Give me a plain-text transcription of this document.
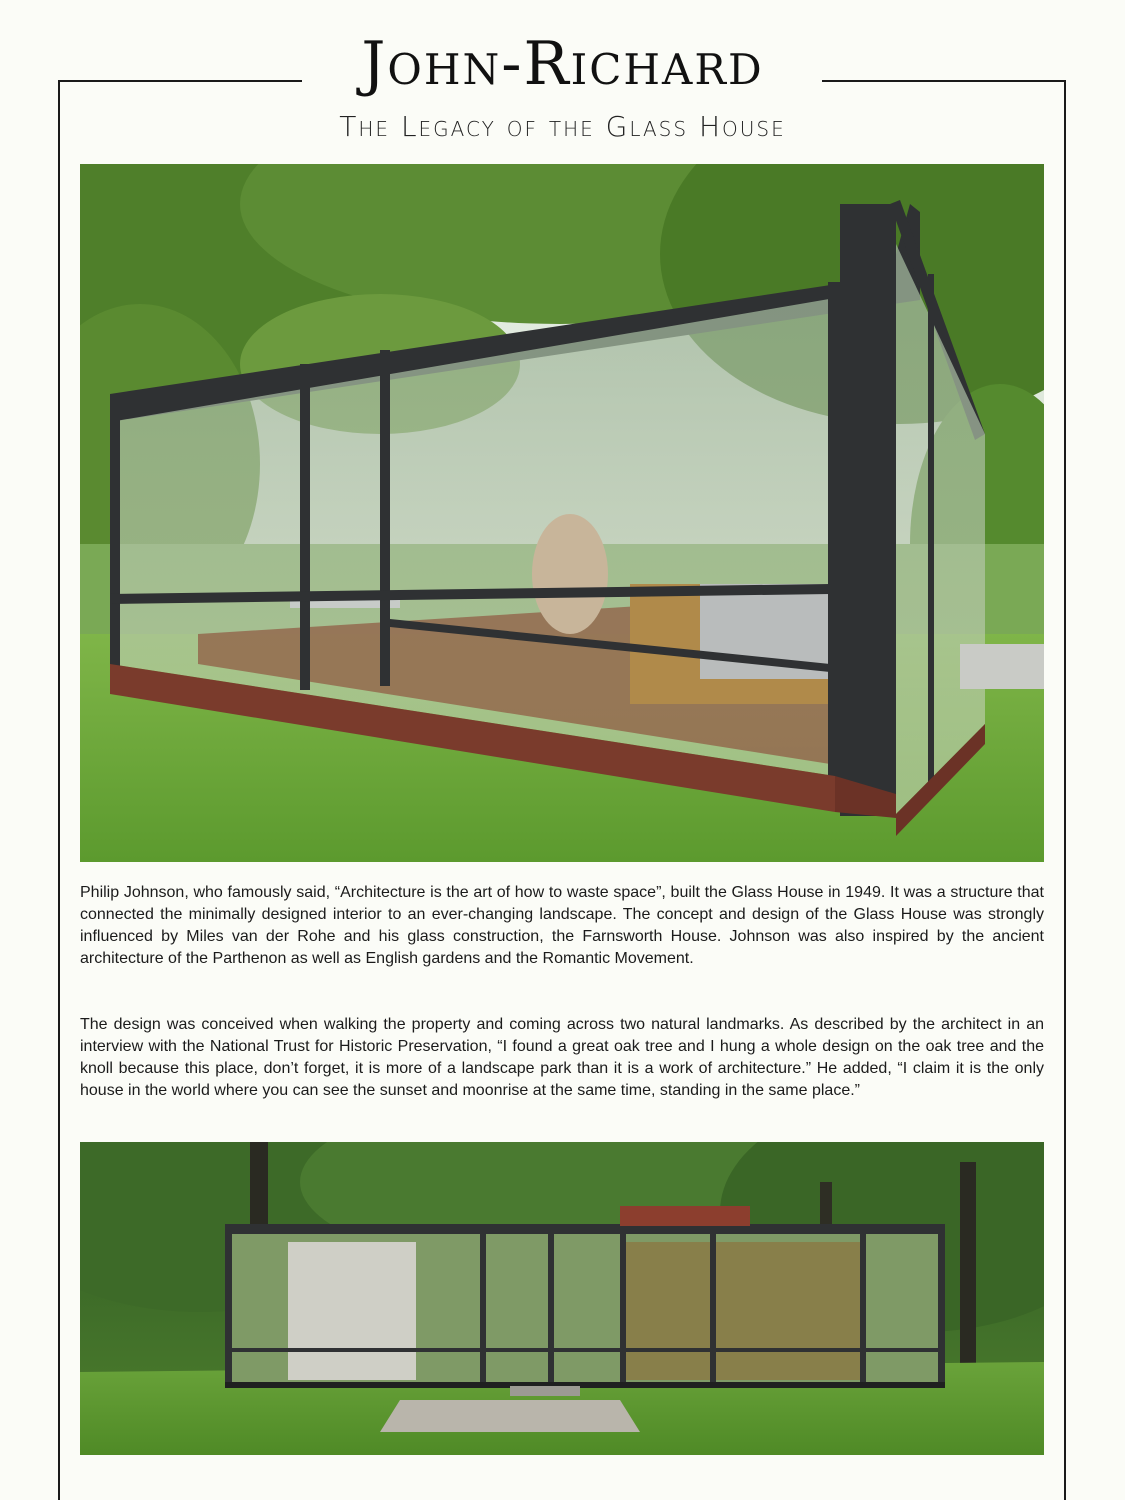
John-Richard
The Legacy of the Glass House

Philip Johnson, who famously said, “Architecture is the art of how to waste space”, built the Glass House in 1949. It was a structure that connected the minimally designed interior to an ever-changing landscape. The concept and design of the Glass House was strongly influenced by Miles van der Rohe and his glass construction, the Farnsworth House. Johnson was also inspired by the ancient architecture of the Parthenon as well as English gardens and the Romantic Movement.

The design was conceived when walking the property and coming across two natural landmarks. As described by the architect in an interview with the National Trust for Historic Preservation, “I found a great oak tree and I hung a whole design on the oak tree and the knoll because this place, don’t forget, it is more of a landscape park than it is a work of architecture.” He added, “I claim it is the only house in the world where you can see the sunset and moonrise at the same time, standing in the same place.”
